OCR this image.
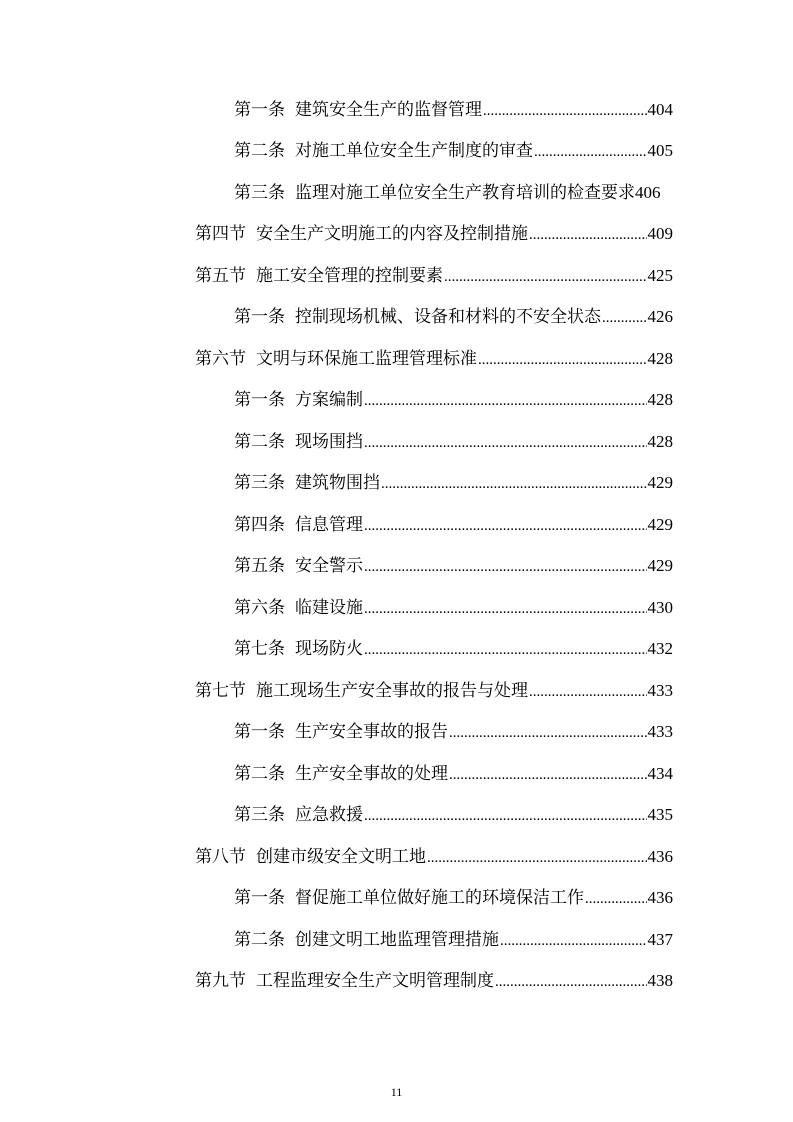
第一条 建筑安全生产的监督管理 .....	404
第二条 对施工单位安全生产制度的审查 .....	405
第三条 监理对施工单位安全生产教育培训的检查要求 406
第四节 安全生产文明施工的内容及控制措施 .....	409
第五节 施工安全管理的控制要素 .....	425
第一条 控制现场机械、设备和材料的不安全状态 .....	426
第六节 文明与环保施工监理管理标准 .....	428
第一条 方案编制 .....	428
第二条 现场围挡 .....	428
第三条 建筑物围挡 .....	429
第四条 信息管理 .....	429
第五条 安全警示 .....	429
第六条 临建设施 .....	430
第七条 现场防火 .....	432
第七节 施工现场生产安全事故的报告与处理 .....	433
第一条 生产安全事故的报告 .....	433
第二条 生产安全事故的处理 .....	434
第三条 应急救援 .....	435
第八节 创建市级安全文明工地 .....	436
第一条 督促施工单位做好施工的环境保洁工作 .....	436
第二条 创建文明工地监理管理措施 .....	437
第九节 工程监理安全生产文明管理制度 .....	438
11
